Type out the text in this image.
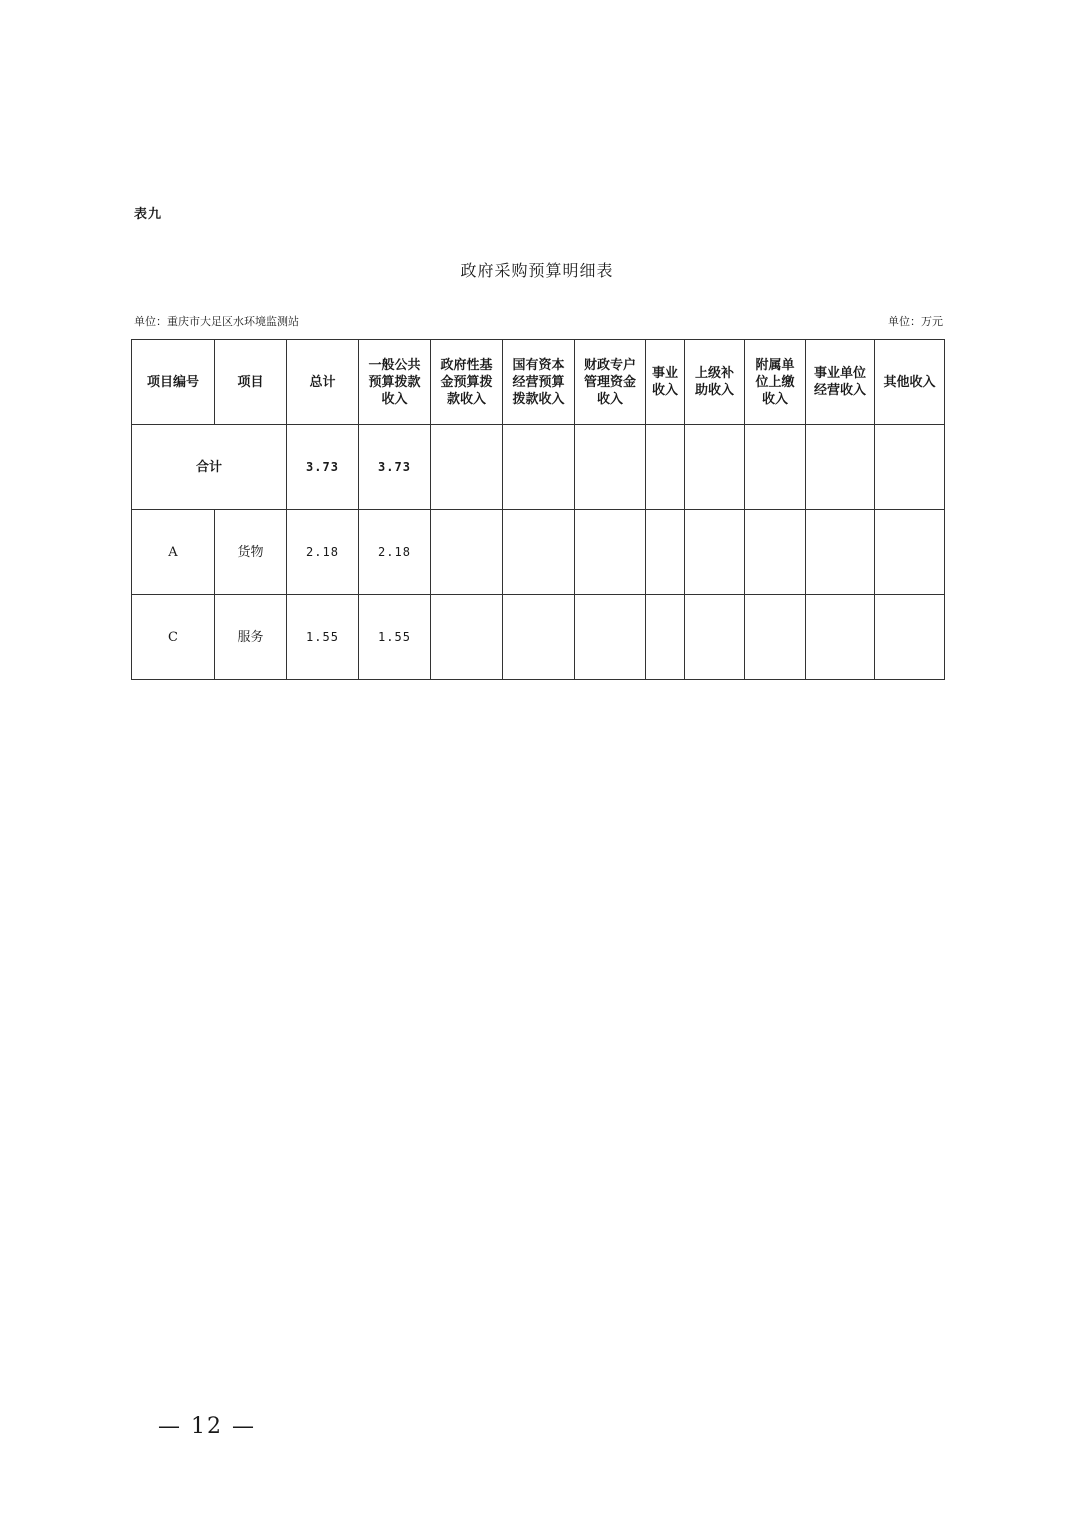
表九
政府采购预算明细表
单位：重庆市大足区水环境监测站	单位：万元
项目编号	项目	总计	一般公共预算拨款收入	政府性基金预算拨款收入	国有资本经营预算拨款收入	财政专户管理资金收入	事业收入	上级补助收入	附属单位上缴收入	事业单位经营收入	其他收入
合计		3.73	3.73								
A	货物	2.18	2.18								
C	服务	1.55	1.55								
— 12 —
